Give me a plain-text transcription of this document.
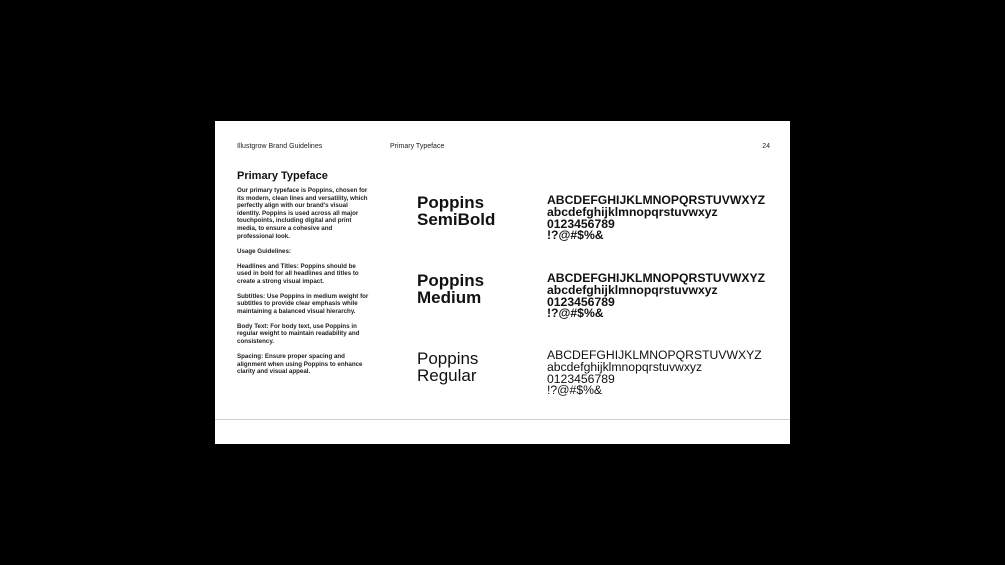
Illustgrow Brand Guidelines	Primary Typeface	24
Primary Typeface

Our primary typeface is Poppins, chosen for its modern, clean lines and versatility, which perfectly align with our brand's visual identity. Poppins is used across all major touchpoints, including digital and print media, to ensure a cohesive and professional look.

Usage Guidelines:

Headlines and Titles: Poppins should be used in bold for all headlines and titles to create a strong visual impact.

Subtitles: Use Poppins in medium weight for subtitles to provide clear emphasis while maintaining a balanced visual hierarchy.

Body Text: For body text, use Poppins in regular weight to maintain readability and consistency.

Spacing: Ensure proper spacing and alignment when using Poppins to enhance clarity and visual appeal.

Poppins
SemiBold
ABCDEFGHIJKLMNOPQRSTUVWXYZ
abcdefghijklmnopqrstuvwxyz
0123456789
!?@#$%&
Poppins
Medium
ABCDEFGHIJKLMNOPQRSTUVWXYZ
abcdefghijklmnopqrstuvwxyz
0123456789
!?@#$%&
Poppins
Regular
ABCDEFGHIJKLMNOPQRSTUVWXYZ
abcdefghijklmnopqrstuvwxyz
0123456789
!?@#$%&
